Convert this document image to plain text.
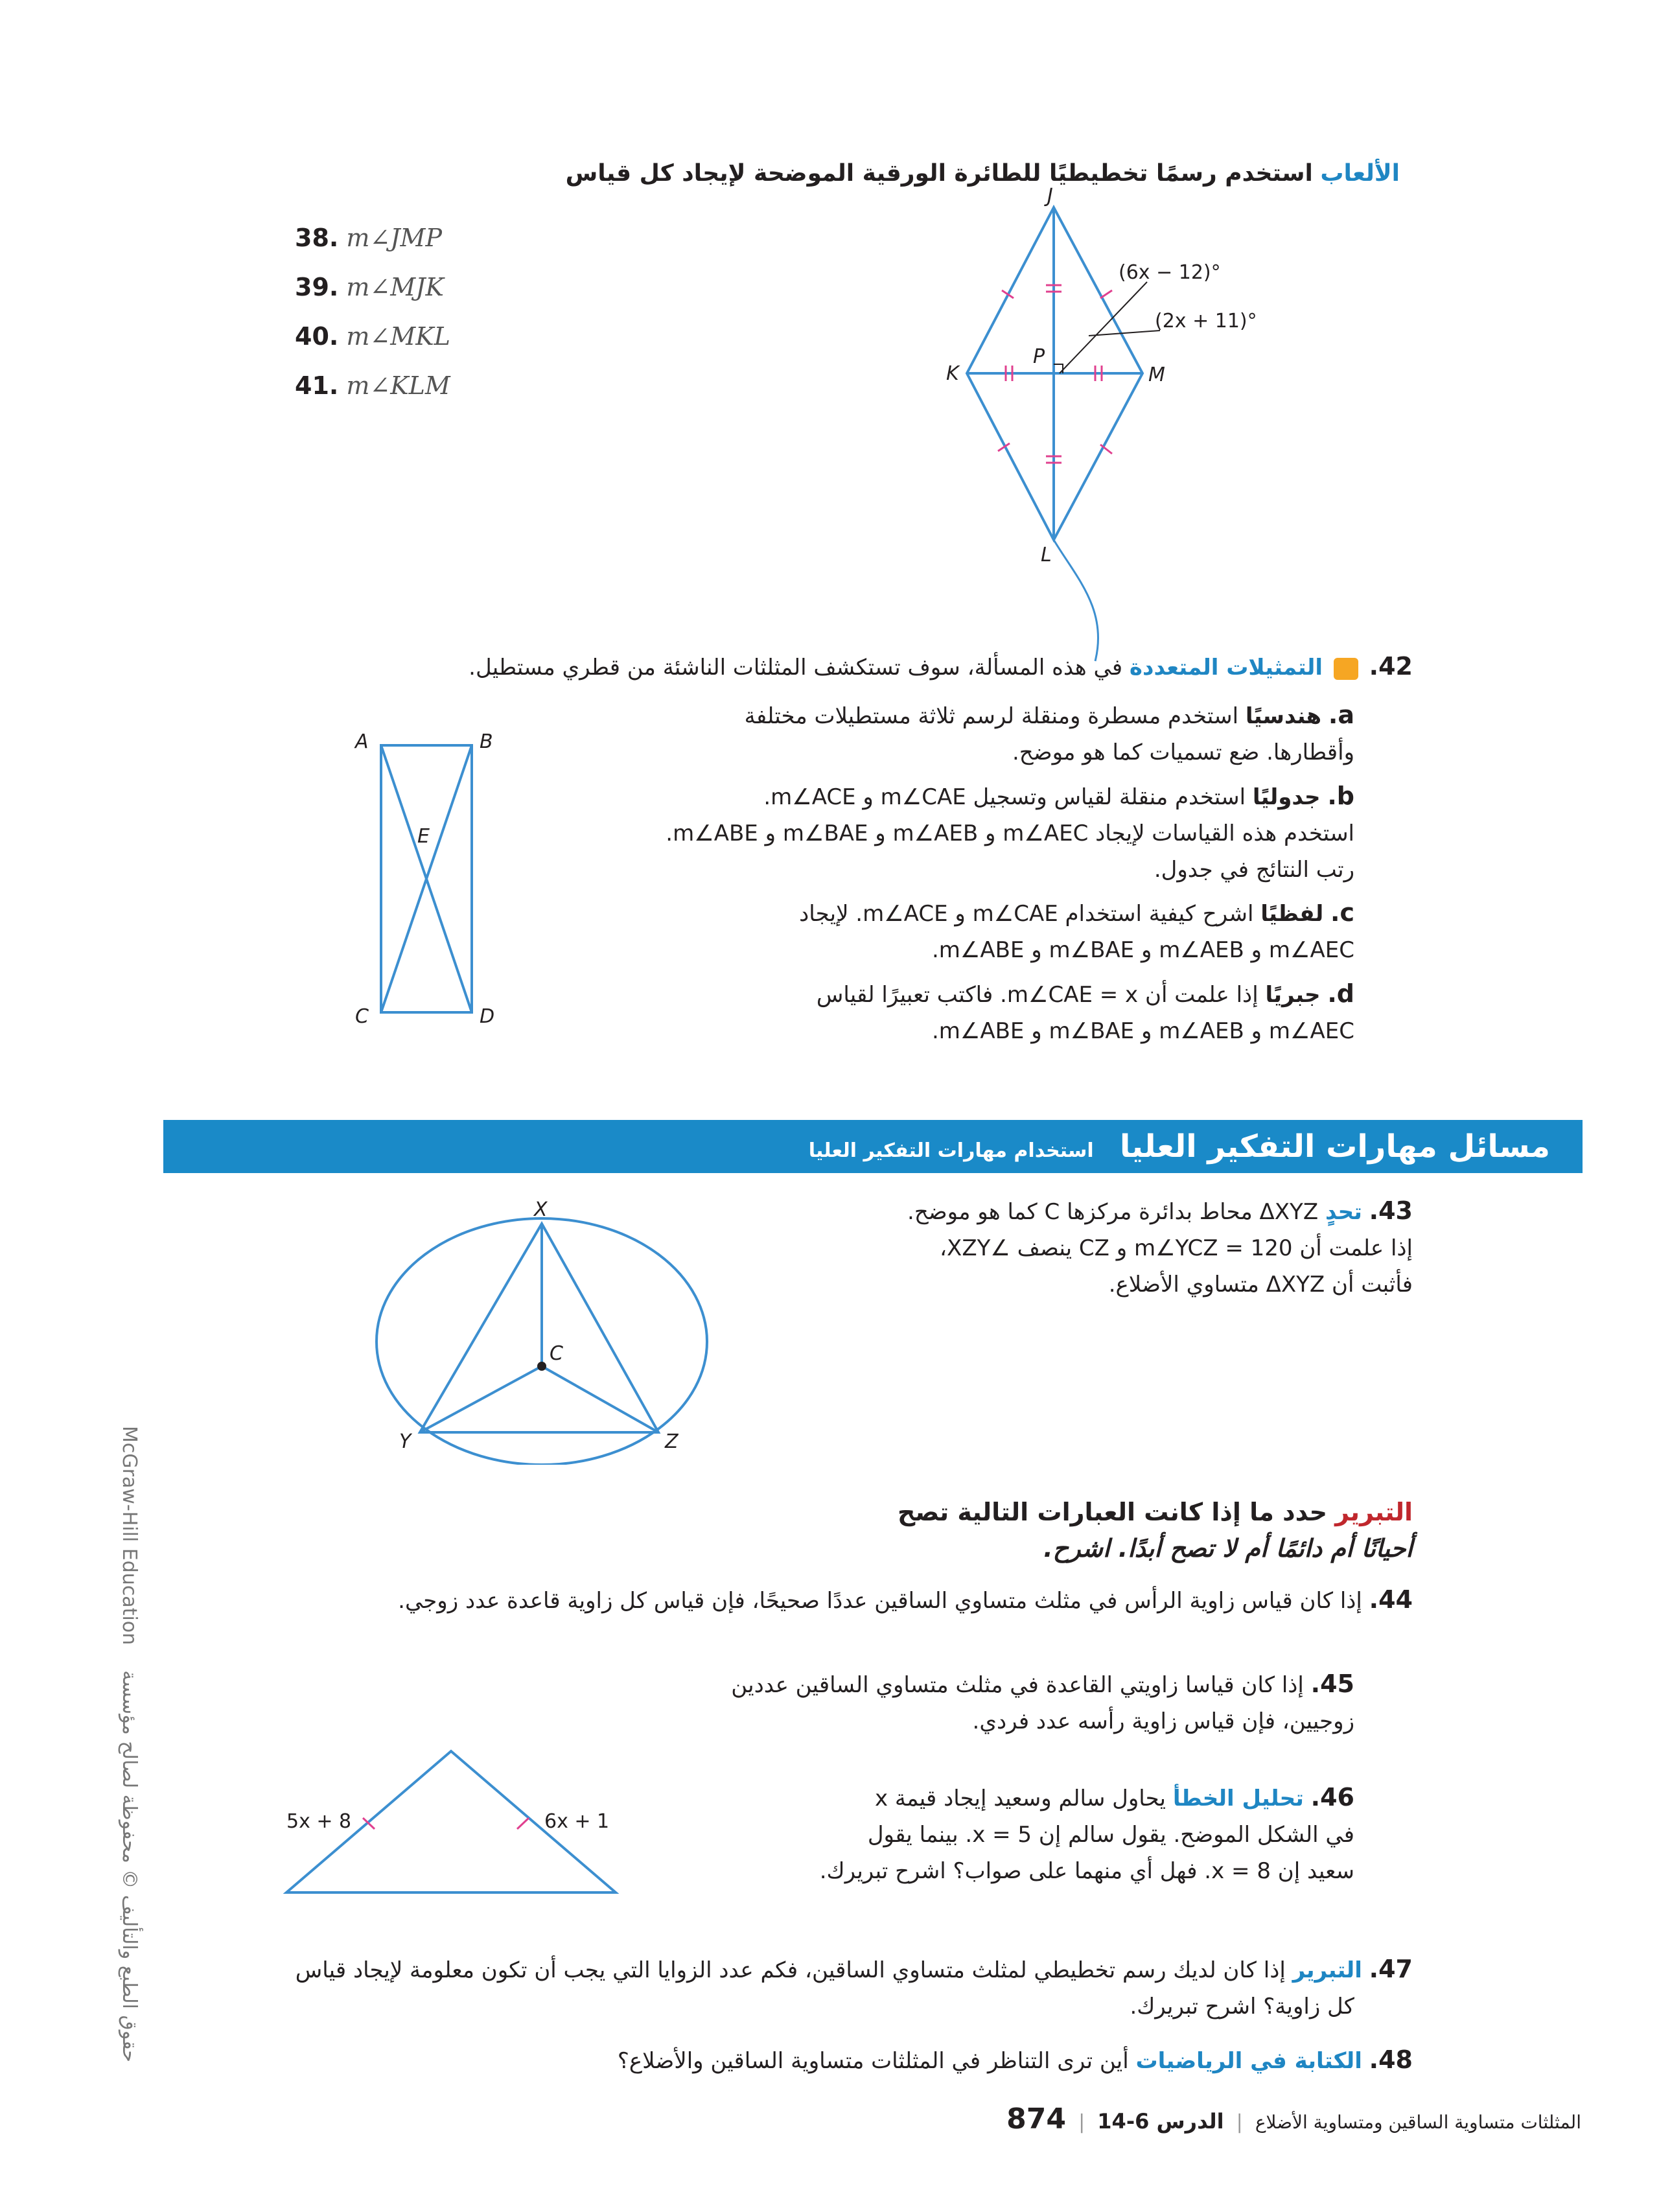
الألعاب استخدم رسمًا تخطيطيًا للطائرة الورقية الموضحة لإيجاد كل قياس
38. m∠JMP
39. m∠MJK
40. m∠MKL
41. m∠KLM
J
K	M
P
L
(6x − 12)°
(2x + 11)°
42.  التمثيلات المتعددة في هذه المسألة، سوف تستكشف المثلثات الناشئة من قطري مستطيل.
a. هندسيًا استخدم مسطرة ومنقلة لرسم ثلاثة مستطيلات مختلفة
وأقطارها. ضع تسميات كما هو موضح.
b. جدوليًا استخدم منقلة لقياس وتسجيل m∠CAE و m∠ACE.
استخدم هذه القياسات لإيجاد m∠AEC و m∠AEB و m∠BAE و m∠ABE.
رتب النتائج في جدول.
c. لفظيًا اشرح كيفية استخدام m∠CAE و m∠ACE. لإيجاد
m∠AEC و m∠AEB و m∠BAE و m∠ABE.
d. جبريًا إذا علمت أن m∠CAE = x. فاكتب تعبيرًا لقياس
m∠AEC و m∠AEB و m∠BAE و m∠ABE.
A	B
C	D
E
مسائل مهارات التفكير العليا  استخدام مهارات التفكير العليا
43. تحدٍ ΔXYZ محاط بدائرة مركزها C كما هو موضح.
إذا علمت أن m∠YCZ = 120 و CZ ينصف ∠XZY،
فأثبت أن ΔXYZ متساوي الأضلاع.
X
C
Y	Z
التبرير حدد ما إذا كانت العبارات التالية تصح
أحيانًا أم دائمًا أم لا تصح أبدًا. اشرح.
44. إذا كان قياس زاوية الرأس في مثلث متساوي الساقين عددًا صحيحًا، فإن قياس كل زاوية قاعدة عدد زوجي.
45. إذا كان قياسا زاويتي القاعدة في مثلث متساوي الساقين عددين
زوجيين، فإن قياس زاوية رأسه عدد فردي.
46. تحليل الخطأ يحاول سالم وسعيد إيجاد قيمة x
في الشكل الموضح. يقول سالم إن x = 5. بينما يقول
سعيد إن x = 8. فهل أي منهما على صواب؟ اشرح تبريرك.
5x + 8	6x + 1
47. التبرير إذا كان لديك رسم تخطيطي لمثلث متساوي الساقين، فكم عدد الزوايا التي يجب أن تكون معلومة لإيجاد قياس
كل زاوية؟ اشرح تبريرك.
48. الكتابة في الرياضيات أين ترى التناظر في المثلثات متساوية الساقين والأضلاع؟
McGraw-Hill Education  حقوق الطبع والتأليف © محفوظة لصالح مؤسسة
المثلثات متساوية الساقين ومتساوية الأضلاع | الدرس 6-14 | 874
